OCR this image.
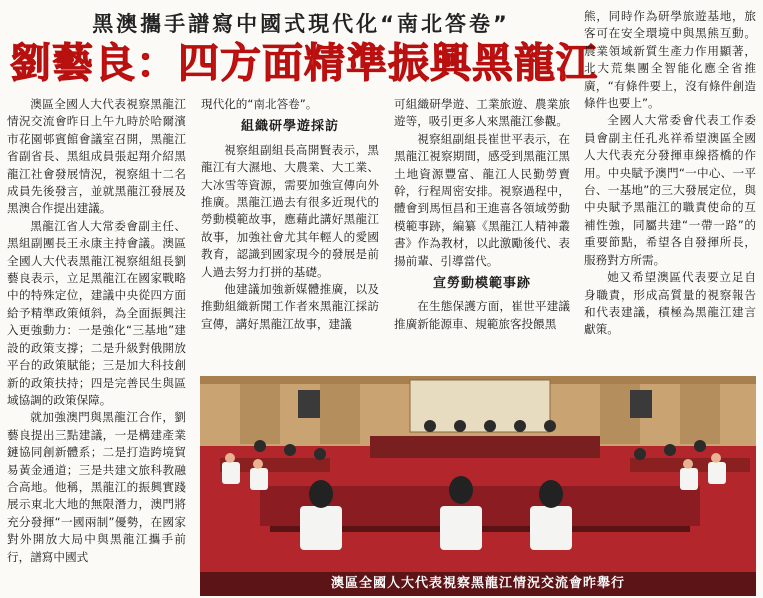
黑澳攜手譜寫中國式現代化“南北答卷”
劉藝良：四方面精準振興黑龍江

澳區全國人大代表視察黑龍江情況交流會昨日上午九時於哈爾濱市花園邨賓館會議室召開，黑龍江省副省長、黑組成員張起翔介紹黑龍江社會發展情況，視察組十二名成員先後發言，並就黑龍江發展及黑澳合作提出建議。

黑龍江省人大常委會副主任、黑組副團長王永康主持會議。澳區全國人大代表黑龍江視察組組長劉藝良表示，立足黑龍江在國家戰略中的特殊定位，建議中央從四方面給予精準政策傾斜，為全面振興注入更強動力：一是強化“三基地”建設的政策支撐；二是升級對俄開放平台的政策賦能；三是加大科技創新的政策扶持；四是完善民生與區域協調的政策保障。

就加強澳門與黑龍江合作，劉藝良提出三點建議，一是構建產業鏈協同創新體系；二是打造跨境貿易黃金通道；三是共建文旅科教融合高地。他稱，黑龍江的振興實踐展示東北大地的無限潛力，澳門將充分發揮“一國兩制”優勢，在國家對外開放大局中與黑龍江攜手前行，譜寫中國式

現代化的“南北答卷”。

組織研學遊採訪

視察組副組長高開賢表示，黑龍江有大濕地、大農業、大工業、大冰雪等資源，需要加強宣傳向外推廣。黑龍江過去有很多近現代的勞動模範故事，應藉此講好黑龍江故事，加強社會尤其年輕人的愛國教育，認識到國家現今的發展是前人過去努力打拼的基礎。

他建議加強新媒體推廣，以及推動組織新聞工作者來黑龍江採訪宣傳，講好黑龍江故事，建議

可組織研學遊、工業旅遊、農業旅遊等，吸引更多人來黑龍江參觀。

視察組副組長崔世平表示，在黑龍江視察期間，感受到黑龍江黑土地資源豐富、龍江人民勤勞賣幹，行程周密安排。視察過程中，體會到馬恒昌和王進喜各領域勞動模範事跡，編纂《黑龍江人精神叢書》作為教材，以此激勵後代、表揚前輩、引導當代。

宣勞動模範事跡

在生態保護方面，崔世平建議推廣新能源車、規範旅客投餵黑

熊，同時作為研學旅遊基地，旅客可在安全環境中與黑熊互動。農業領域新質生產力作用顯著，北大荒集團全智能化應全省推廣，“有條件要上，沒有條件創造條件也要上”。

全國人大常委會代表工作委員會副主任孔兆祥希望澳區全國人大代表充分發揮車線搭橋的作用。中央賦予澳門“一中心、一平台、一基地”的三大發展定位，與中央賦予黑龍江的職責使命的互補性強，同屬共建“一帶一路”的重要節點，希望各自發揮所長，服務對方所需。

她又希望澳區代表要立足自身職責，形成高質量的視察報告和代表建議，積極為黑龍江建言獻策。

澳區全國人大代表視察黑龍江情況交流會昨舉行
